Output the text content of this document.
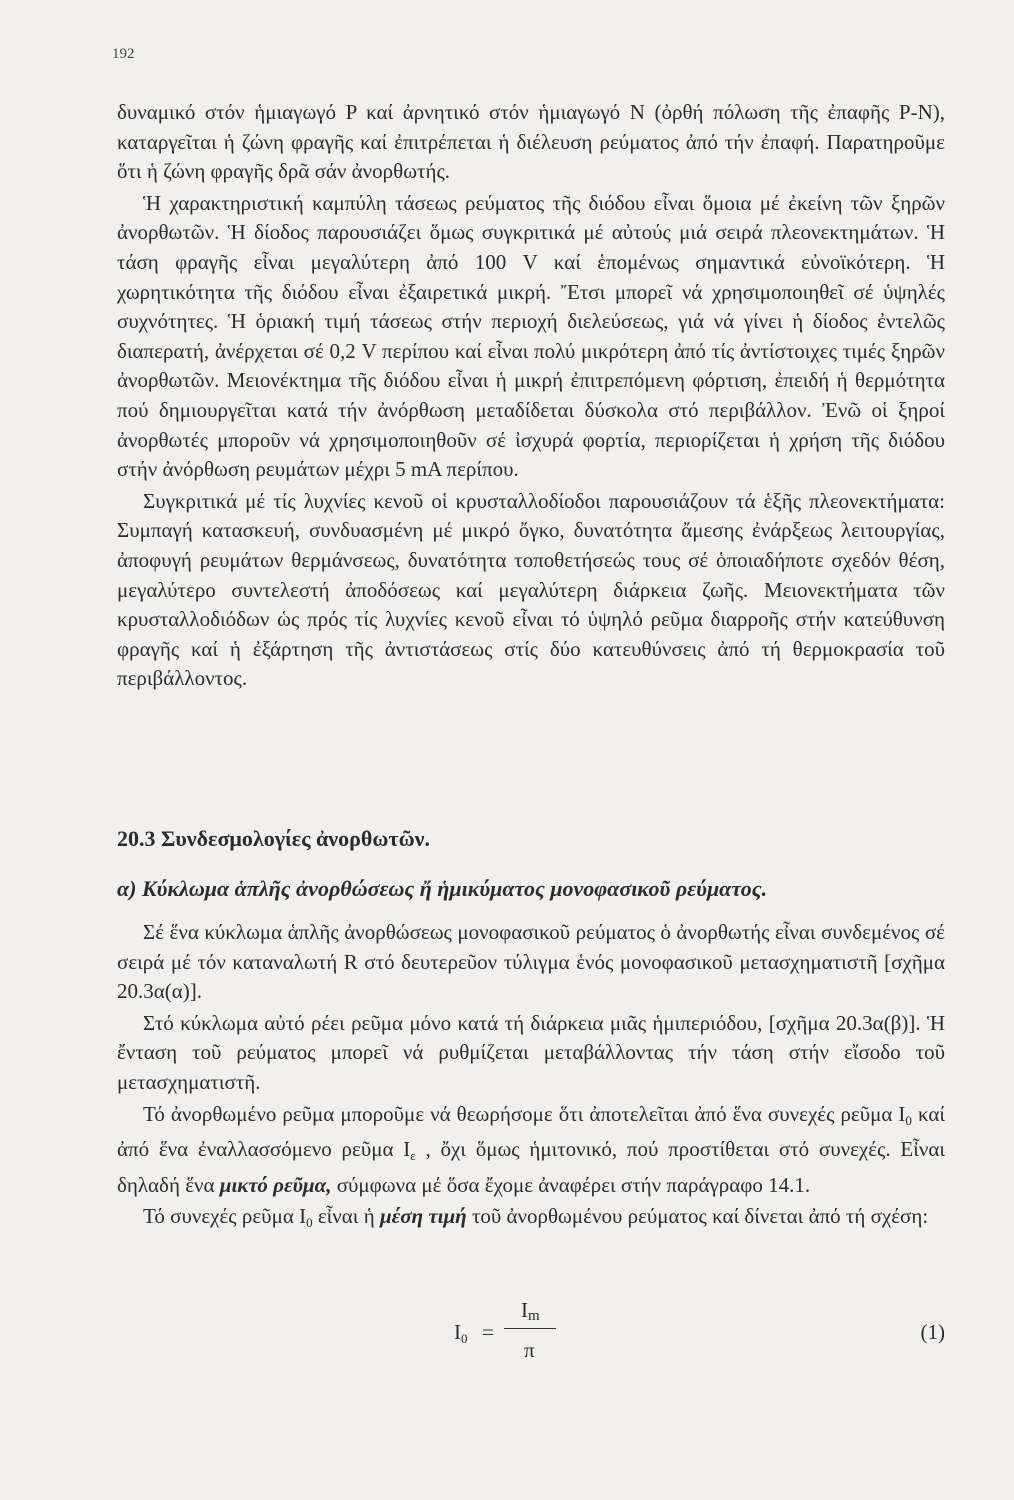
192

δυναμικό στόν ἡμιαγωγό P καί ἀρνητικό στόν ἡμιαγωγό N (ὀρθή πόλωση τῆς ἐπαφῆς P-N), καταργεῖται ἡ ζώνη φραγῆς καί ἐπιτρέπεται ἡ διέλευση ρεύματος ἀπό τήν ἐπαφή. Παρατηροῦμε ὅτι ἡ ζώνη φραγῆς δρᾶ σάν ἀνορθωτής.

Ἡ χαρακτηριστική καμπύλη τάσεως ρεύματος τῆς διόδου εἶναι ὅμοια μέ ἐκείνη τῶν ξηρῶν ἀνορθωτῶν. Ἡ δίοδος παρουσιάζει ὅμως συγκριτικά μέ αὐτούς μιά σειρά πλεονεκτημάτων. Ἡ τάση φραγῆς εἶναι μεγαλύτερη ἀπό 100 V καί ἑπομένως σημαντικά εὐνοϊκότερη. Ἡ χωρητικότητα τῆς διόδου εἶναι ἐξαιρετικά μικρή. Ἔτσι μπορεῖ νά χρησιμοποιηθεῖ σέ ὑψηλές συχνότητες. Ἡ ὁριακή τιμή τάσεως στήν περιοχή διελεύσεως, γιά νά γίνει ἡ δίοδος ἐντελῶς διαπερατή, ἀνέρχεται σέ 0,2 V περίπου καί εἶναι πολύ μικρότερη ἀπό τίς ἀντίστοιχες τιμές ξηρῶν ἀνορθωτῶν. Μειονέκτημα τῆς διόδου εἶναι ἡ μικρή ἐπιτρεπόμενη φόρτιση, ἐπειδή ἡ θερμότητα πού δημιουργεῖται κατά τήν ἀνόρθωση μεταδίδεται δύσκολα στό περιβάλλον. Ἐνῶ οἱ ξηροί ἀνορθωτές μποροῦν νά χρησιμοποιηθοῦν σέ ἰσχυρά φορτία, περιορίζεται ἡ χρήση τῆς διόδου στήν ἀνόρθωση ρευμάτων μέχρι 5 mA περίπου.

Συγκριτικά μέ τίς λυχνίες κενοῦ οἱ κρυσταλλοδίοδοι παρουσιάζουν τά ἑξῆς πλεονεκτήματα: Συμπαγή κατασκευή, συνδυασμένη μέ μικρό ὄγκο, δυνατότητα ἄμεσης ἐνάρξεως λειτουργίας, ἀποφυγή ρευμάτων θερμάνσεως, δυνατότητα τοποθετήσεώς τους σέ ὁποιαδήποτε σχεδόν θέση, μεγαλύτερο συντελεστή ἀποδόσεως καί μεγαλύτερη διάρκεια ζωῆς. Μειονεκτήματα τῶν κρυσταλλοδιόδων ὡς πρός τίς λυχνίες κενοῦ εἶναι τό ὑψηλό ρεῦμα διαρροῆς στήν κατεύθυνση φραγῆς καί ἡ ἐξάρτηση τῆς ἀντιστάσεως στίς δύο κατευθύνσεις ἀπό τή θερμοκρασία τοῦ περιβάλλοντος.

20.3 Συνδεσμολογίες ἀνορθωτῶν.
α) Κύκλωμα ἁπλῆς ἀνορθώσεως ἤ ἡμικύματος μονοφασικοῦ ρεύματος.

Σέ ἕνα κύκλωμα ἁπλῆς ἀνορθώσεως μονοφασικοῦ ρεύματος ὁ ἀνορθωτής εἶναι συνδεμένος σέ σειρά μέ τόν καταναλωτή R στό δευτερεῦον τύλιγμα ἑνός μονοφασικοῦ μετασχηματιστῆ [σχῆμα 20.3α(α)].

Στό κύκλωμα αὐτό ρέει ρεῦμα μόνο κατά τή διάρκεια μιᾶς ἡμιπεριόδου, [σχῆμα 20.3α(β)]. Ἡ ἔνταση τοῦ ρεύματος μπορεῖ νά ρυθμίζεται μεταβάλλοντας τήν τάση στήν εἴσοδο τοῦ μετασχηματιστῆ.

Τό ἀνορθωμένο ρεῦμα μποροῦμε νά θεωρήσομε ὅτι ἀποτελεῖται ἀπό ἕνα συνεχές ρεῦμα $I_0$ καί ἀπό ἕνα ἐναλλασσόμενο ρεῦμα $I_\varepsilon$ , ὄχι ὅμως ἡμιτονικό, πού προστίθεται στό συνεχές. Εἶναι δηλαδή ἕνα μικτό ρεῦμα, σύμφωνα μέ ὅσα ἔχομε ἀναφέρει στήν παράγραφο 14.1.

Τό συνεχές ρεῦμα $I_0$ εἶναι ἡ μέση τιμή τοῦ ἀνορθωμένου ρεύματος καί δίνεται ἀπό τή σχέση:

I0 =
Im
π
(1)
